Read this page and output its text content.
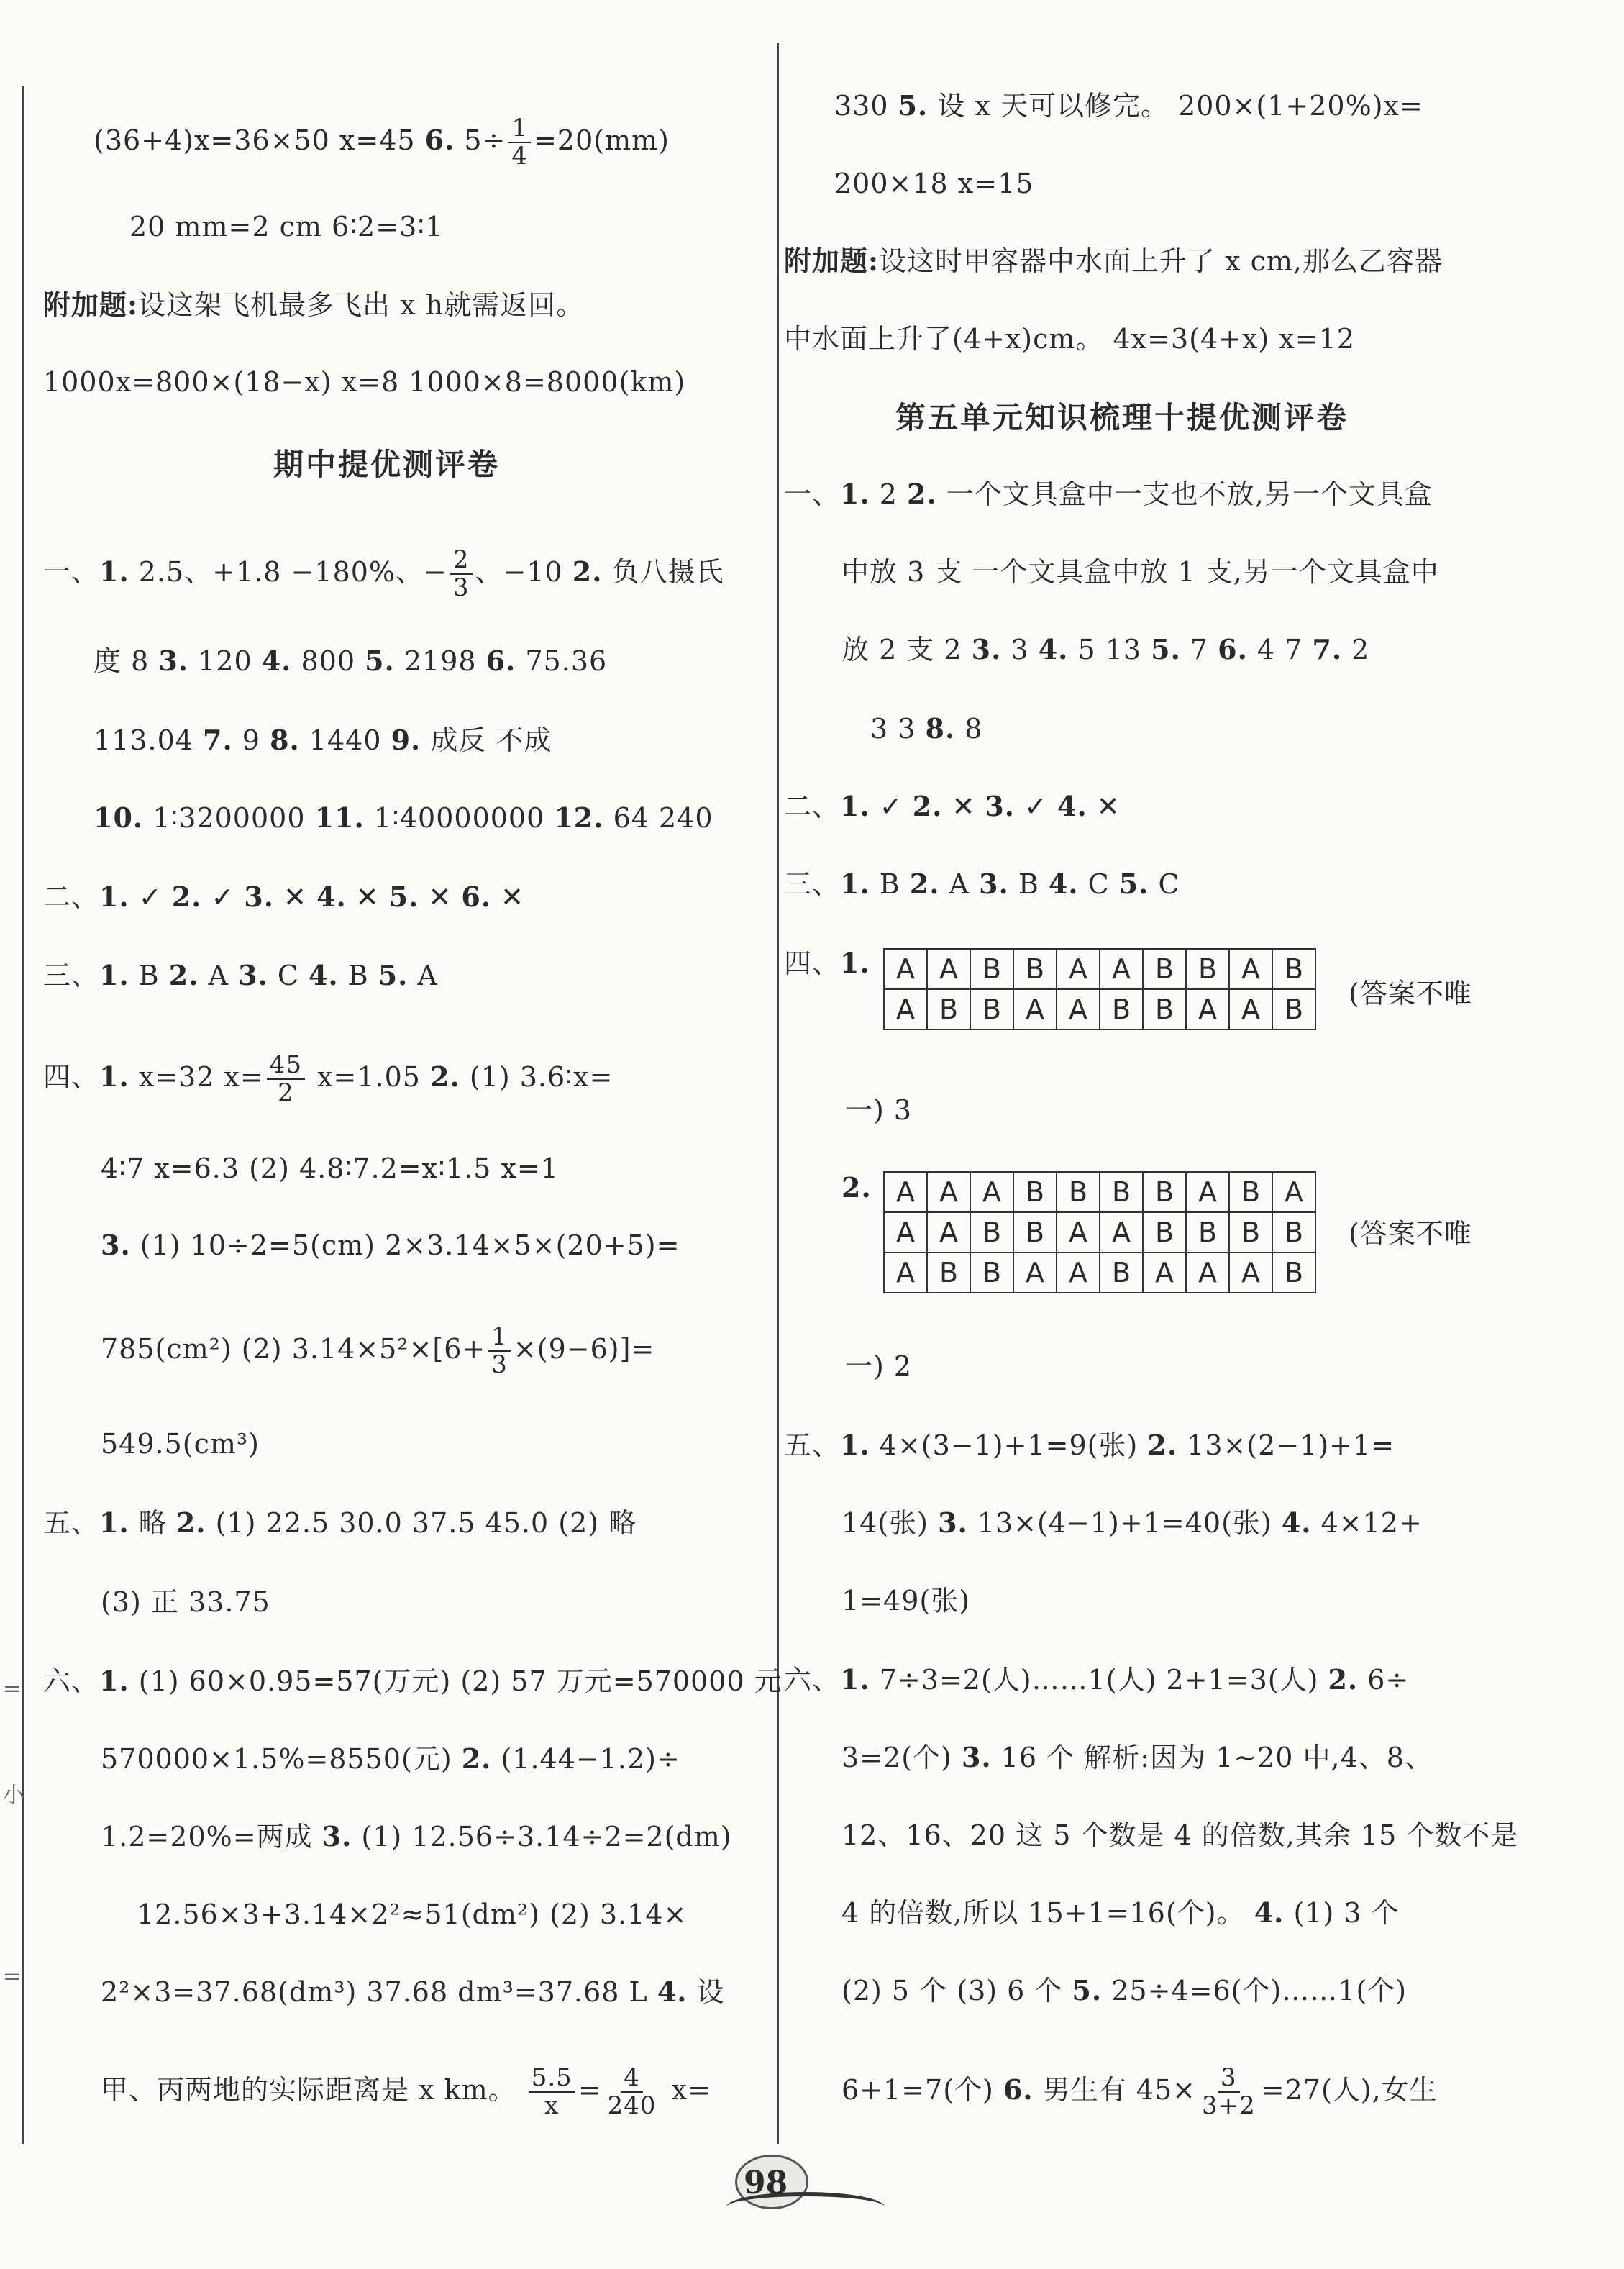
=
小
=
(36+4)x=36×50 x=45 6. $5\div \frac{1}{4} =20(mm)$
20 mm=2 cm 6∶2=3∶1
附加题:设这架飞机最多飞出 x h就需返回。
1000x=800×(18−x) x=8 1000×8=8000(km)
期中提优测评卷
一、1. 2.5、+1.8 −180%、− $\frac{2}{3}$ 、−10 2. 负八摄氏
度 8 3. 120 4. 800 5. 2198 6. 75.36
113.04 7. 9 8. 1440 9. 成反 不成
10. 1∶3200000 11. 1∶40000000 12. 64 240
二、1. ✓ 2. ✓ 3. ✕ 4. ✕ 5. ✕ 6. ✕
三、1. B 2. A 3. C 4. B 5. A
四、1. x=32 $x= \frac{45}{2} x=1.05$ 2. (1) 3.6∶x=
4∶7 x=6.3 (2) 4.8∶7.2=x∶1.5 x=1
3. (1) 10÷2=5(cm) 2×3.14×5×(20+5)=
785(cm²) (2) $3.14\times 5^2\times[6+ \frac{1}{3} \times(9-6)]=$
549.5(cm³)
五、1. 略 2. (1) 22.5 30.0 37.5 45.0 (2) 略
(3) 正 33.75
六、1. (1) 60×0.95=57(万元) (2) 57 万元=570000 元
570000×1.5%=8550(元) 2. (1.44−1.2)÷
1.2=20%=两成 3. (1) 12.56÷3.14÷2=2(dm)
12.56×3+3.14×2²≈51(dm²) (2) 3.14×
2²×3=37.68(dm³) 37.68 dm³=37.68 L 4. 设
甲、丙两地的实际距离是 x km。 $\frac{5.5}{x} = \frac{4}{240} x=$
330 5. 设 x 天可以修完。 200×(1+20%)x=
200×18 x=15
附加题:设这时甲容器中水面上升了 x cm,那么乙容器
中水面上升了(4+x)cm。 4x=3(4+x) x=12
第五单元知识梳理十提优测评卷
一、1. 2 2. 一个文具盒中一支也不放,另一个文具盒
中放 3 支 一个文具盒中放 1 支,另一个文具盒中
放 2 支 2 3. 3 4. 5 13 5. 7 6. 4 7 7. 2
3 3 8. 8
二、1. ✓ 2. ✕ 3. ✓ 4. ✕
三、1. B 2. A 3. B 4. C 5. C
四、1. A	A	B	B	A	A	B	B	A	B
A	B	B	A	A	B	B	A	A	B (答案不唯
一) 3
2. A	A	A	B	B	B	B	A	B	A
A	A	B	B	A	A	B	B	B	B
A	B	B	A	A	B	A	A	A	B
(答案不唯
一) 2
五、1. 4×(3−1)+1=9(张) 2. 13×(2−1)+1=
14(张) 3. 13×(4−1)+1=40(张) 4. 4×12+
1=49(张)
六、1. 7÷3=2(人)……1(人) 2+1=3(人) 2. 6÷
3=2(个) 3. 16 个 解析:因为 1~20 中,4、8、
12、16、20 这 5 个数是 4 的倍数,其余 15 个数不是
4 的倍数,所以 15+1=16(个)。 4. (1) 3 个
(2) 5 个 (3) 6 个 5. 25÷4=6(个)……1(个)
6+1=7(个) 6. 男生有 $45\times \frac{3}{3+2} =27$(人),女生
98
